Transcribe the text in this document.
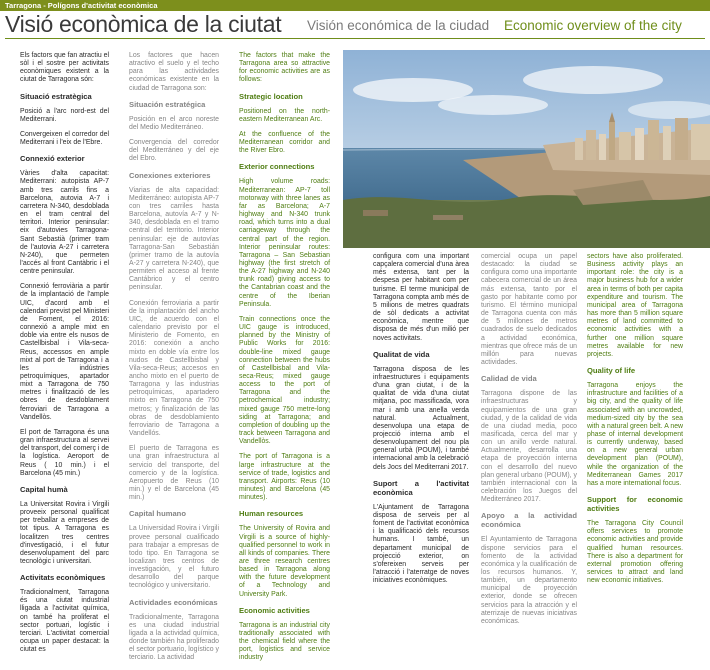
Tarragona - Polígons d'activitat econòmica
Visió econòmica de la ciutat Visión económica de la ciudad Economic overview of the city

Els factors que fan atractiu el sòl i el sostre per activitats econòmiques existent a la ciutat de Tarragona són:

Situació estratègica

Posició a l'arc nord-est del Mediterrani.

Convergeixen el corredor del Mediterrani i l'eix de l'Ebre.

Connexió exterior

Vàries d'alta capacitat: Mediterrani: autopista AP-7 amb tres carrils fins a Barcelona, autovia A-7 i carretera N-340, desdoblada en el tram central del territori. Interior peninsular: eix d'autovies Tarragona-Sant Sebastià (primer tram de l'autovia A-27 i carretera N-240), que permeten l'accés al front Cantàbric i el centre peninsular.

Connexió ferroviària a partir de la implantació de l'ample UIC, d'acord amb el calendari previst pel Ministeri de Foment, el 2016: connexió a ample mixt en doble via entre els nusos de Castellbisbal i Vila-seca-Reus, accessos en ample mixt al port de Tarragona i a les indústries petroquímiques, apartador mixt a Tarragona de 750 metres i finalització de les obres de desdoblament ferroviari de Tarragona a Vandellòs.

El port de Tarragona és una gran infraestructura al servei del transport, del comerç i de la logística. Aeroport de Reus ( 10 min.) i el Barcelona (45 min.)

Capital humà

La Universitat Rovira i Virgili proveeix personal qualificat per treballar a empreses de tot tipus. A Tarragona es localitzen tres centres d'investigació, i el futur desenvolupament del parc tecnològic i universitari.

Activitats econòmiques

Tradicionalment, Tarragona és una ciutat industrial lligada a l'activitat química, on també ha proliferat el sector portuari, logístic i terciari. L'activitat comercial ocupa un paper destacat: la ciutat es

Los factores que hacen atractivo el suelo y el techo para las actividades económicas existente en la ciudad de Tarragona son:

Situación estratégica

Posición en el arco noreste del Medio Mediterráneo.

Convergencia del corredor del Mediterráneo y del eje del Ebro.

Conexiones exteriores

Viarias de alta capacidad: Mediterráneo: autopista AP-7 con tres carriles hasta Barcelona, autovía A-7 y N-340, desdoblada en el tramo central del territorio. Interior peninsular: eje de autovías Tarragona-San Sebastián (primer tramo de la autovía A-27 y carretera N-240), que permiten el acceso al frente Cantábrico y el centro peninsular.

Conexión ferroviaria a partir de la implantación del ancho UIC, de acuerdo con el calendario previsto por el Ministerio de Fomento, en 2016: conexión a ancho mixto en doble vía entre los nudos de Castellbisbal y Vila-seca-Reus; accesos en ancho mixto en el puerto de Tarragona y las industrias petroquímicas, apartadero mixto en Tarragona de 750 metros; y finalización de las obras de desdoblamiento ferroviario de Tarragona a Vandellós.

El puerto de Tarragona es una gran infraestructura al servicio del transporte, del comercio y de la logística. Aeropuerto de Reus (10 min.) y el de Barcelona (45 min.)

Capital humano

La Universidad Rovira i Virgili provee personal cualificado para trabajar a empresas de todo tipo. En Tarragona se localizan tres centros de investigación, y el futuro desarrollo del parque tecnológico y universitario.

Actividades económicas

Tradicionalmente, Tarragona es una ciudad industrial ligada a la actividad química, donde también ha proliferado el sector portuario, logístico y terciario. La actividad

The factors that make the Tarragona area so attractive for economic activities are as follows:

Strategic location

Positioned on the north-eastern Mediterranean Arc.

At the confluence of the Mediterranean corridor and the River Ebro.

Exterior connections

High volume roads: Mediterranean: AP-7 toll motorway with three lanes as far as Barcelona; A-7 highway and N-340 trunk road, which turns into a dual carriageway through the central part of the region. Interior peninsular routes: Tarragona – San Sebastian highway (the first stretch of the A-27 highway and N-240 trunk road) giving access to the Cantabrian coast and the centre of the Iberian Peninsula.

Train connections once the UIC gauge is introduced, planned by the Ministry of Public Works for 2016: double-line mixed gauge connection between the hubs of Castellbisbal and Vila-seca-Reus; mixed gauge access to the port of Tarragona and the petrochemical industry; mixed gauge 750 metre-long siding at Tarragona; and completion of doubling up the track between Tarragona and Vandellòs.

The port of Tarragona is a large infrastructure at the service of trade, logistics and transport. Airports: Reus (10 minutes) and Barcelona (45 minutes).

Human resources

The University of Rovira and Virgili is a source of highly-qualified personnel to work in all kinds of companies. There are three research centres based in Tarragona along with the future development of a Technology and University Park.

Economic activities

Tarragona is an industrial city traditionally associated with the chemical field where the port, logistics and service industry

configura com una important capçalera comercial d'una àrea més extensa, tant per la despesa per habitant com per turisme. El terme municipal de Tarragona compta amb més de 5 milions de metres quadrats de sòl dedicats a activitat econòmica, mentre que disposa de més d'un milió per noves activitats.

Qualitat de vida

Tarragona disposa de les infraestructures i equipaments d'una gran ciutat, i de la qualitat de vida d'una ciutat mitjana, poc massificada, vora mar i amb una anella verda natural. Actualment, desenvolupa una etapa de projecció interna amb el desenvolupament del nou pla general urbà (POUM), i també internacional amb la celebració dels Jocs del Mediterrani 2017.

Suport a l'activitat econòmica

L'Ajuntament de Tarragona disposa de serveis per al foment de l'activitat econòmica i la qualificació dels recursos humans. I també, un departament municipal de projecció exterior, on s'ofereixen serveis per l'atracció i l'aterratge de noves iniciatives econòmiques.

comercial ocupa un papel destacado: la ciudad se configura como una importante cabecera comercial de un área más extensa, tanto por el gasto por habitante como por turismo. El término municipal de Tarragona cuenta con más de 5 millones de metros cuadrados de suelo dedicados a actividad económica, mientras que ofrece más de un millón para nuevas actividades.

Calidad de vida

Tarragona dispone de las infraestructuras y equipamientos de una gran ciudad, y de la calidad de vida de una ciudad media, poco masificada, cerca del mar y con un anillo verde natural. Actualmente, desarrolla una etapa de proyección interna con el desarrollo del nuevo plan general urbano (POUM), y también internacional con la celebración los Juegos del Mediterráneo 2017.

Apoyo a la actividad económica

El Ayuntamiento de Tarragona dispone servicios para el fomento de la actividad económica y la cualificación de los recursos humanos. Y, también, un departamento municipal de proyección exterior, donde se ofrecen servicios para la atracción y el aterrizaje de nuevas iniciativas económicas.

sectors have also proliferated. Business activity plays an important role: the city is a major business hub for a wider area in terms of both per capita expenditure and tourism. The municipal area of Tarragona has more than 5 million square metres of land committed to economic activities with a further one million square metres available for new projects.

Quality of life

Tarragona enjoys the infrastructure and facilities of a big city, and the quality of life associated with an uncrowded, medium-sized city by the sea with a natural green belt. A new phase of internal development is currently underway, based on a new general urban development plan (POUM), while the organization of the Mediterranean Games 2017 has a more international focus.

Support for economic activities

The Tarragona City Council offers services to promote economic activities and provide qualified human resources. There is also a department for external promotion offering services to attract and land new economic initiatives.
